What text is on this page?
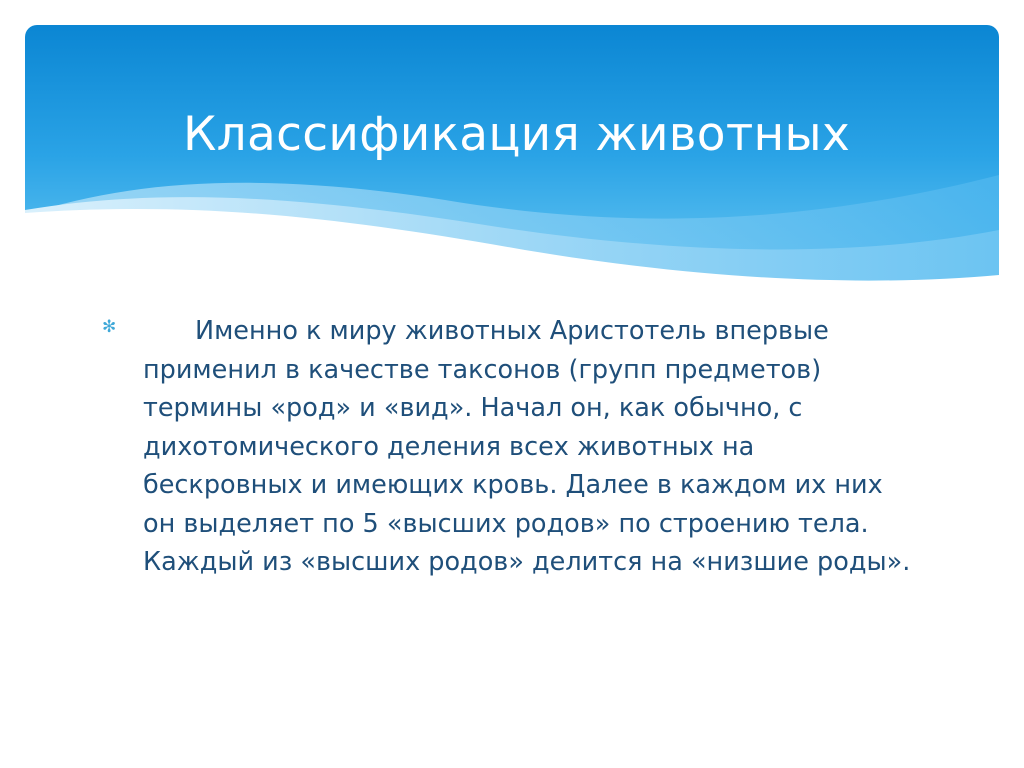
Классификация животных
✻	Именно к миру животных Аристотель впервые применил в качестве таксонов (групп предметов) термины «род» и «вид». Начал он, как обычно, с дихотомического деления всех животных на бескровных и имеющих кровь. Далее в каждом их них он выделяет по 5 «высших родов» по строению тела. Каждый из «высших родов» делится на «низшие роды».
